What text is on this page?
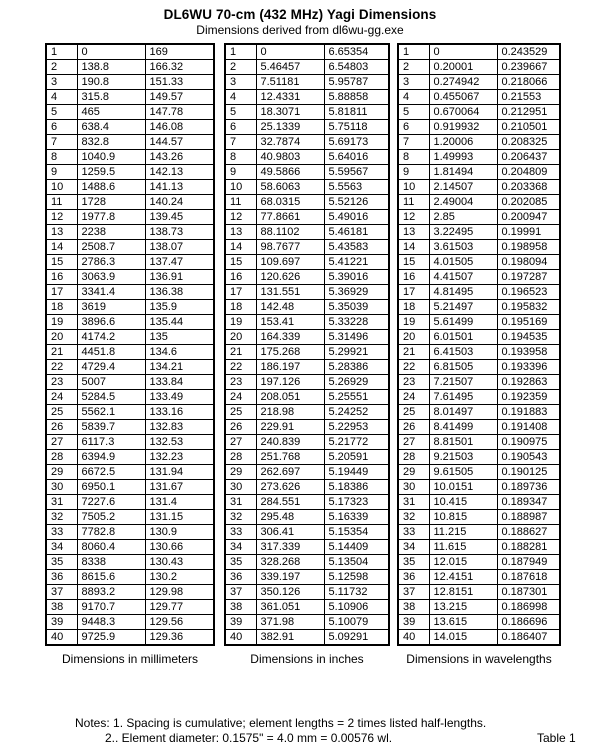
DL6WU 70-cm (432 MHz) Yagi Dimensions
Dimensions derived from dl6wu-gg.exe
1	0	169
2	138.8	166.32
3	190.8	151.33
4	315.8	149.57
5	465	147.78
6	638.4	146.08
7	832.8	144.57
8	1040.9	143.26
9	1259.5	142.13
10	1488.6	141.13
11	1728	140.24
12	1977.8	139.45
13	2238	138.73
14	2508.7	138.07
15	2786.3	137.47
16	3063.9	136.91
17	3341.4	136.38
18	3619	135.9
19	3896.6	135.44
20	4174.2	135
21	4451.8	134.6
22	4729.4	134.21
23	5007	133.84
24	5284.5	133.49
25	5562.1	133.16
26	5839.7	132.83
27	6117.3	132.53
28	6394.9	132.23
29	6672.5	131.94
30	6950.1	131.67
31	7227.6	131.4
32	7505.2	131.15
33	7782.8	130.9
34	8060.4	130.66
35	8338	130.43
36	8615.6	130.2
37	8893.2	129.98
38	9170.7	129.77
39	9448.3	129.56
40	9725.9	129.36
Dimensions in millimeters
1	0	6.65354
2	5.46457	6.54803
3	7.51181	5.95787
4	12.4331	5.88858
5	18.3071	5.81811
6	25.1339	5.75118
7	32.7874	5.69173
8	40.9803	5.64016
9	49.5866	5.59567
10	58.6063	5.5563
11	68.0315	5.52126
12	77.8661	5.49016
13	88.1102	5.46181
14	98.7677	5.43583
15	109.697	5.41221
16	120.626	5.39016
17	131.551	5.36929
18	142.48	5.35039
19	153.41	5.33228
20	164.339	5.31496
21	175.268	5.29921
22	186.197	5.28386
23	197.126	5.26929
24	208.051	5.25551
25	218.98	5.24252
26	229.91	5.22953
27	240.839	5.21772
28	251.768	5.20591
29	262.697	5.19449
30	273.626	5.18386
31	284.551	5.17323
32	295.48	5.16339
33	306.41	5.15354
34	317.339	5.14409
35	328.268	5.13504
36	339.197	5.12598
37	350.126	5.11732
38	361.051	5.10906
39	371.98	5.10079
40	382.91	5.09291
Dimensions in inches
1	0	0.243529
2	0.20001	0.239667
3	0.274942	0.218066
4	0.455067	0.21553
5	0.670064	0.212951
6	0.919932	0.210501
7	1.20006	0.208325
8	1.49993	0.206437
9	1.81494	0.204809
10	2.14507	0.203368
11	2.49004	0.202085
12	2.85	0.200947
13	3.22495	0.19991
14	3.61503	0.198958
15	4.01505	0.198094
16	4.41507	0.197287
17	4.81495	0.196523
18	5.21497	0.195832
19	5.61499	0.195169
20	6.01501	0.194535
21	6.41503	0.193958
22	6.81505	0.193396
23	7.21507	0.192863
24	7.61495	0.192359
25	8.01497	0.191883
26	8.41499	0.191408
27	8.81501	0.190975
28	9.21503	0.190543
29	9.61505	0.190125
30	10.0151	0.189736
31	10.415	0.189347
32	10.815	0.188987
33	11.215	0.188627
34	11.615	0.188281
35	12.015	0.187949
36	12.4151	0.187618
37	12.8151	0.187301
38	13.215	0.186998
39	13.615	0.186696
40	14.015	0.186407
Dimensions in wavelengths
Notes: 1. Spacing is cumulative; element lengths = 2 times listed half-lengths.
2.. Element diameter: 0.1575" = 4.0 mm = 0.00576 wl.	Table 1
